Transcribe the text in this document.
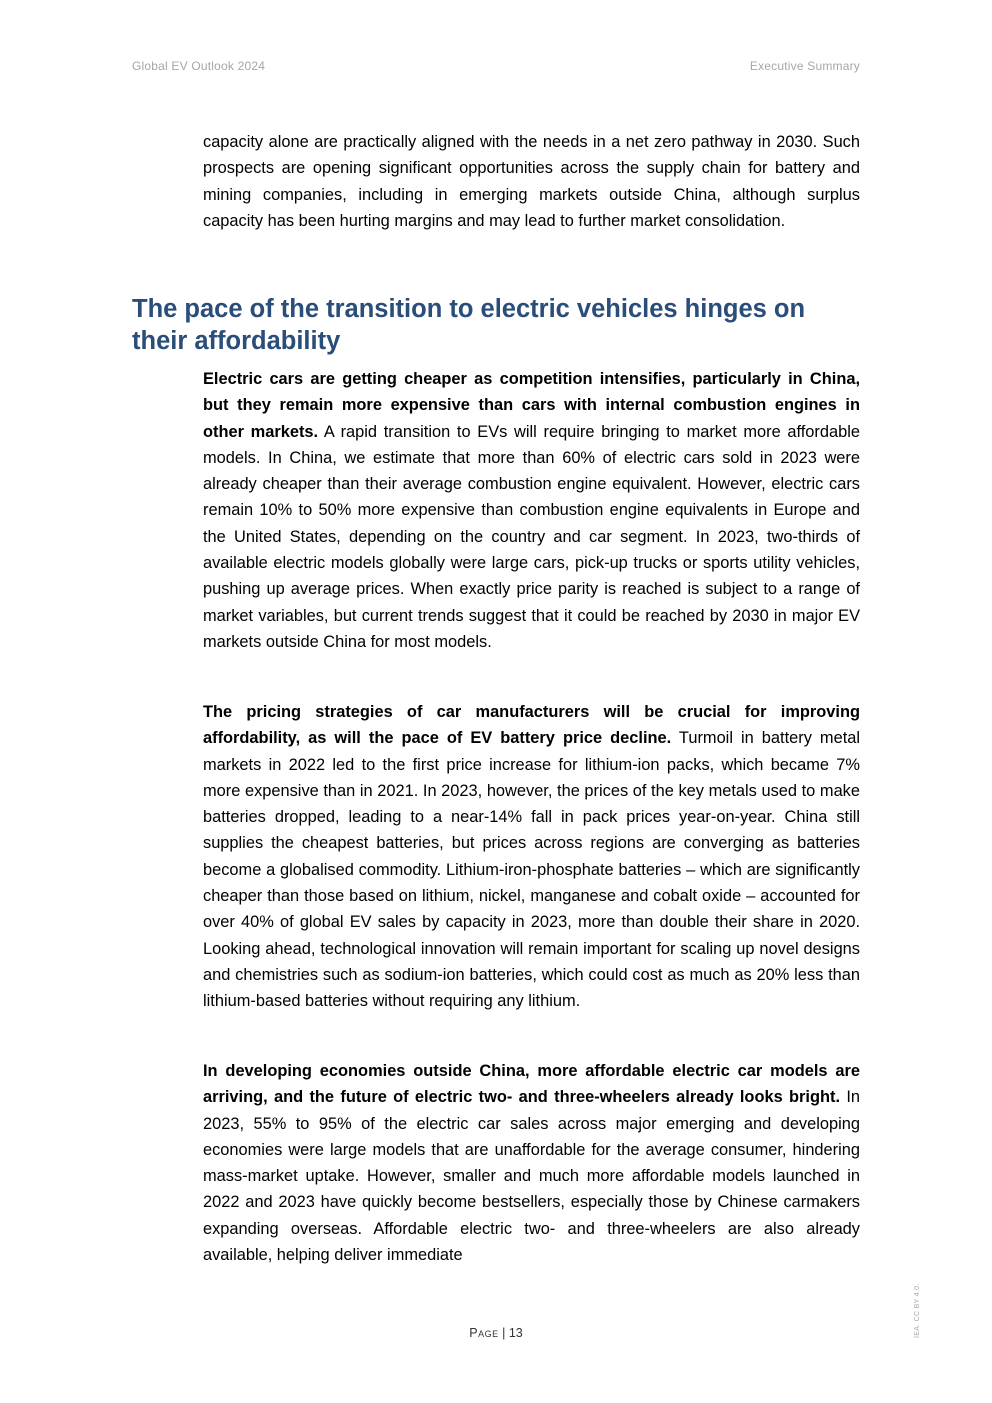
Global EV Outlook 2024	Executive Summary

capacity alone are practically aligned with the needs in a net zero pathway in 2030. Such prospects are opening significant opportunities across the supply chain for battery and mining companies, including in emerging markets outside China, although surplus capacity has been hurting margins and may lead to further market consolidation.

The pace of the transition to electric vehicles hinges on their affordability

Electric cars are getting cheaper as competition intensifies, particularly in China, but they remain more expensive than cars with internal combustion engines in other markets. A rapid transition to EVs will require bringing to market more affordable models. In China, we estimate that more than 60% of electric cars sold in 2023 were already cheaper than their average combustion engine equivalent. However, electric cars remain 10% to 50% more expensive than combustion engine equivalents in Europe and the United States, depending on the country and car segment. In 2023, two-thirds of available electric models globally were large cars, pick-up trucks or sports utility vehicles, pushing up average prices. When exactly price parity is reached is subject to a range of market variables, but current trends suggest that it could be reached by 2030 in major EV markets outside China for most models.

The pricing strategies of car manufacturers will be crucial for improving affordability, as will the pace of EV battery price decline. Turmoil in battery metal markets in 2022 led to the first price increase for lithium-ion packs, which became 7% more expensive than in 2021. In 2023, however, the prices of the key metals used to make batteries dropped, leading to a near-14% fall in pack prices year-on-year. China still supplies the cheapest batteries, but prices across regions are converging as batteries become a globalised commodity. Lithium-iron-phosphate batteries – which are significantly cheaper than those based on lithium, nickel, manganese and cobalt oxide – accounted for over 40% of global EV sales by capacity in 2023, more than double their share in 2020. Looking ahead, technological innovation will remain important for scaling up novel designs and chemistries such as sodium-ion batteries, which could cost as much as 20% less than lithium-based batteries without requiring any lithium.

In developing economies outside China, more affordable electric car models are arriving, and the future of electric two- and three-wheelers already looks bright. In 2023, 55% to 95% of the electric car sales across major emerging and developing economies were large models that are unaffordable for the average consumer, hindering mass-market uptake. However, smaller and much more affordable models launched in 2022 and 2023 have quickly become bestsellers, especially those by Chinese carmakers expanding overseas. Affordable electric two- and three-wheelers are also already available, helping deliver immediate

Page | 13	IEA. CC BY 4.0.
